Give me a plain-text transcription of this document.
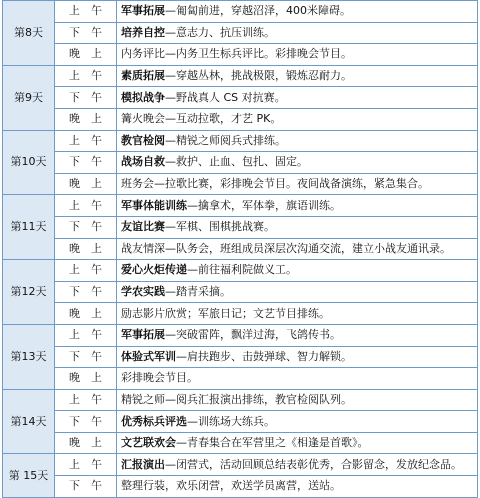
第8天	上 午	军事拓展—匍匐前进，穿越沼泽，400米障碍。
	下 午	培养自控—意志力、抗压训练。
	晚 上	内务评比—内务卫生标兵评比。彩排晚会节目。
第9天	上 午	素质拓展—穿越丛林，挑战极限，锻炼忍耐力。
	下 午	模拟战争—野战真人 CS 对抗赛。
	晚 上	篝火晚会—互动拉歌，才艺 PK。
第10天	上 午	教官检阅—精锐之师阅兵式排练。
	下 午	战场自救—救护、止血、包扎、固定。
	晚 上	班务会—拉歌比赛，彩排晚会节目。夜间战备演练，紧急集合。
第11天	上 午	军事体能训练—擒拿术，军体拳，旗语训练。
	下 午	友谊比赛—军棋、围棋挑战赛。
	晚 上	战友情深—队务会，班组成员深层次沟通交流，建立小战友通讯录。
第12天	上 午	爱心火炬传递—前往福利院做义工。
	下 午	学农实践—踏青采摘。
	晚 上	励志影片欣赏；军旅日记；文艺节目排练。
第13天	上 午	军事拓展—突破雷阵，飘洋过海，飞鸽传书。
	下 午	体验式军训—肩扶跑步、击鼓弹球、智力解锁。
	晚 上	彩排晚会节目。
第14天	上 午	精锐之师—阅兵汇报演出排练，教官检阅队列。
	下 午	优秀标兵评选—训练场大练兵。
	晚 上	文艺联欢会—青春集合在军营里之《相逢是首歌》。
第 15天	上 午	汇报演出—闭营式，活动回顾总结表彰优秀，合影留念，发放纪念品。
	下 午	整理行装，欢乐闭营，欢送学员离营，送站。
